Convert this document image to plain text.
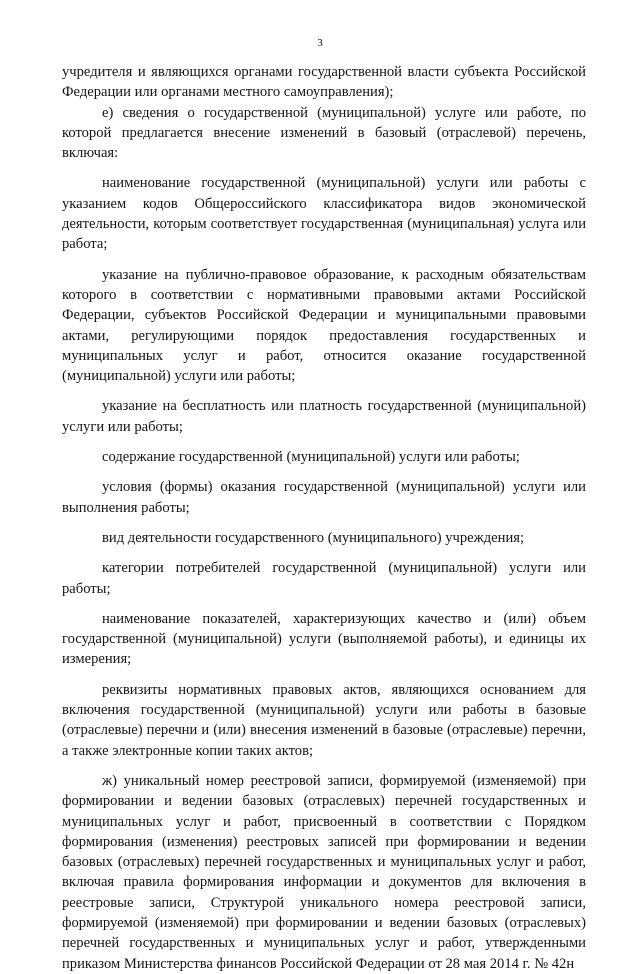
3

учредителя и являющихся органами государственной власти субъекта Российской Федерации или органами местного самоуправления);

е) сведения о государственной (муниципальной) услуге или работе, по которой предлагается внесение изменений в базовый (отраслевой) перечень, включая:

наименование государственной (муниципальной) услуги или работы с указанием кодов Общероссийского классификатора видов экономической деятельности, которым соответствует государственная (муниципальная) услуга или работа;

указание на публично-правовое образование, к расходным обязательствам которого в соответствии с нормативными правовыми актами Российской Федерации, субъектов Российской Федерации и муниципальными правовыми актами, регулирующими порядок предоставления государственных и муниципальных услуг и работ, относится оказание государственной (муниципальной) услуги или работы;

указание на бесплатность или платность государственной (муниципальной) услуги или работы;

содержание государственной (муниципальной) услуги или работы;

условия (формы) оказания государственной (муниципальной) услуги или выполнения работы;

вид деятельности государственного (муниципального) учреждения;

категории потребителей государственной (муниципальной) услуги или работы;

наименование показателей, характеризующих качество и (или) объем государственной (муниципальной) услуги (выполняемой работы), и единицы их измерения;

реквизиты нормативных правовых актов, являющихся основанием для включения государственной (муниципальной) услуги или работы в базовые (отраслевые) перечни и (или) внесения изменений в базовые (отраслевые) перечни, а также электронные копии таких актов;

ж) уникальный номер реестровой записи, формируемой (изменяемой) при формировании и ведении базовых (отраслевых) перечней государственных и муниципальных услуг и работ, присвоенный в соответствии с Порядком формирования (изменения) реестровых записей при формировании и ведении базовых (отраслевых) перечней государственных и муниципальных услуг и работ, включая правила формирования информации и документов для включения в реестровые записи, Структурой уникального номера реестровой записи, формируемой (изменяемой) при формировании и ведении базовых (отраслевых) перечней государственных и муниципальных услуг и работ, утвержденными приказом Министерства финансов Российской Федерации от 28 мая 2014 г. № 42н
